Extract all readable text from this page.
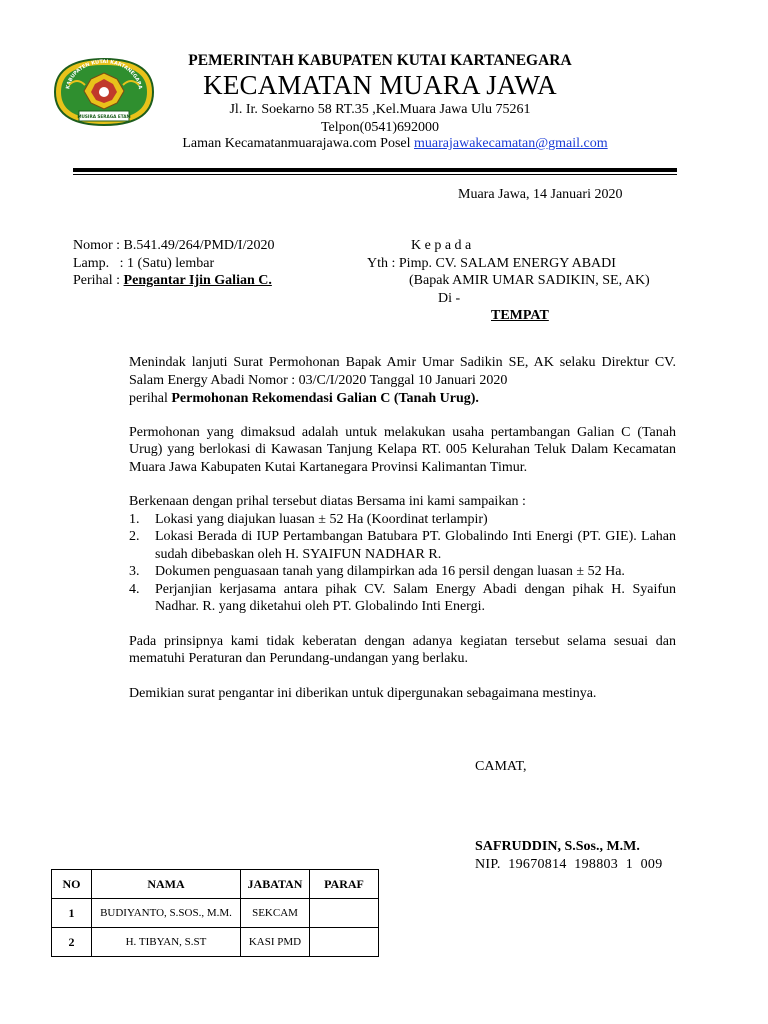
KABUPATEN KUTAI KARTANEGARA
MUSIRA SERAGA ETAM
PEMERINTAH KABUPATEN KUTAI KARTANEGARA
KECAMATAN MUARA JAWA
Jl. Ir. Soekarno 58 RT.35 ,Kel.Muara Jawa Ulu 75261
Telpon(0541)692000
Laman Kecamatanmuarajawa.com Posel muarajawakecamatan@gmail.com
Muara Jawa, 14 Januari 2020
Nomor : B.541.49/264/PMD/I/2020
Lamp.   : 1 (Satu) lembar
Perihal : Pengantar Ijin Galian C.
K e p a d a
Yth : Pimp. CV. SALAM ENERGY ABADI
(Bapak AMIR UMAR SADIKIN, SE, AK)
Di -
TEMPAT

Menindak lanjuti Surat Permohonan Bapak Amir Umar Sadikin SE, AK selaku Direktur CV. Salam Energy Abadi Nomor : 03/C/I/2020 Tanggal 10 Januari 2020

perihal Permohonan Rekomendasi Galian C (Tanah Urug).

Permohonan yang dimaksud adalah untuk melakukan usaha pertambangan Galian C (Tanah Urug) yang berlokasi di Kawasan Tanjung Kelapa RT. 005 Kelurahan Teluk Dalam Kecamatan Muara Jawa Kabupaten Kutai Kartanegara Provinsi Kalimantan Timur.

Berkenaan dengan prihal tersebut diatas Bersama ini kami sampaikan :

1. Lokasi yang diajukan luasan ± 52 Ha (Koordinat terlampir)
2. Lokasi Berada di IUP Pertambangan Batubara PT. Globalindo Inti Energi (PT. GIE). Lahan sudah dibebaskan oleh H. SYAIFUN NADHAR R.
3. Dokumen penguasaan tanah yang dilampirkan ada 16 persil dengan luasan ± 52 Ha.
4. Perjanjian kerjasama antara pihak CV. Salam Energy Abadi dengan pihak H. Syaifun Nadhar. R. yang diketahui oleh PT. Globalindo Inti Energi.

Pada prinsipnya kami tidak keberatan dengan adanya kegiatan tersebut selama sesuai dan mematuhi Peraturan dan Perundang-undangan yang berlaku.

Demikian surat pengantar ini diberikan untuk dipergunakan sebagaimana mestinya.

CAMAT,
SAFRUDDIN, S.Sos., M.M.
NIP.  19670814  198803  1  009
NO	NAMA	JABATAN	PARAF
1	BUDIYANTO, S.SOS., M.M.	SEKCAM	
2	H. TIBYAN, S.ST	KASI PMD	
